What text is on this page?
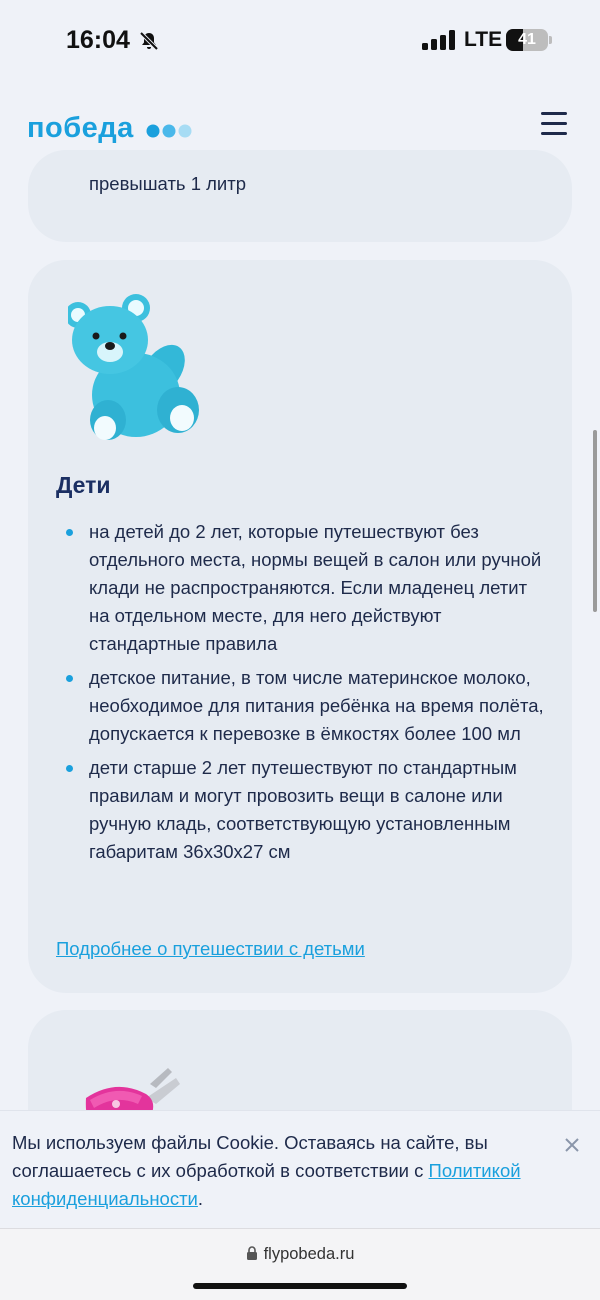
16:04	LTE 41
победа
превышать 1 литр
Дети
на детей до 2 лет, которые путешествуют без отдельного места, нормы вещей в салон или ручной клади не распространяются. Если младенец летит на отдельном месте, для него действуют стандартные правила
детское питание, в том числе материнское молоко, необходимое для питания ребёнка на время полёта, допускается к перевозке в ёмкостях более 100 мл
дети старше 2 лет путешествуют по стандартным правилам и могут провозить вещи в салоне или ручную кладь, соответствующую установленным габаритам 36х30х27 см
Подробнее о путешествии с детьми
Мы используем файлы Cookie. Оставаясь на сайте, вы соглашаетесь с их обработкой в соответствии с Политикой конфиденциальности.
flypobeda.ru
